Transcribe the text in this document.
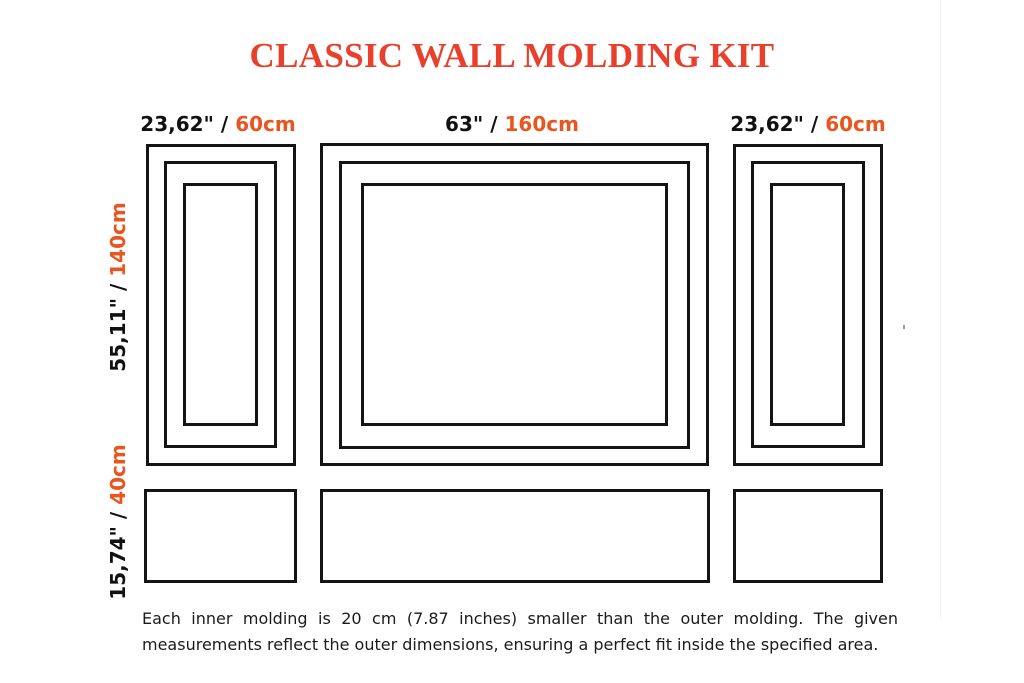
CLASSIC WALL MOLDING KIT
23,62" / 60cm	63" / 160cm	23,62" / 60cm
55,11" / 140cm
15,74" / 40cm
Each inner molding is 20 cm (7.87 inches) smaller than the outer molding. The given measurements reflect the outer dimensions, ensuring a perfect fit inside the specified area.
